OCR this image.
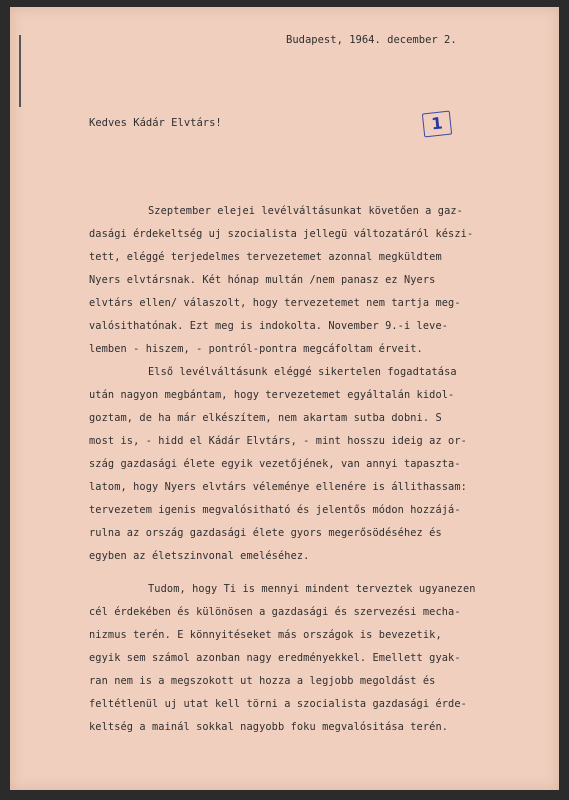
Budapest, 1964. december 2.
Kedves Kádár Elvtárs!	1
Szeptember elejei levélváltásunkat követően a gaz-
dasági érdekeltség uj szocialista jellegü változatáról készi-
tett, eléggé terjedelmes tervezetemet azonnal megküldtem
Nyers elvtársnak. Két hónap multán /nem panasz ez Nyers
elvtárs ellen/ válaszolt, hogy tervezetemet nem tartja meg-
valósithatónak. Ezt meg is indokolta. November 9.-i leve-
lemben - hiszem, - pontról-pontra megcáfoltam érveit.
Első levélváltásunk eléggé sikertelen fogadtatása
után nagyon megbántam, hogy tervezetemet egyáltalán kidol-
goztam, de ha már elkészítem, nem akartam sutba dobni. S
most is, - hidd el Kádár Elvtárs, - mint hosszu ideig az or-
szág gazdasági élete egyik vezetőjének, van annyi tapaszta-
latom, hogy Nyers elvtárs véleménye ellenére is állithassam:
tervezetem igenis megvalósitható és jelentős módon hozzájá-
rulna az ország gazdasági élete gyors megerősödéséhez és
egyben az életszinvonal emeléséhez.
Tudom, hogy Ti is mennyi mindent terveztek ugyanezen
cél érdekében és különösen a gazdasági és szervezési mecha-
nizmus terén. E könnyitéseket más országok is bevezetik,
egyik sem számol azonban nagy eredményekkel. Emellett gyak-
ran nem is a megszokott ut hozza a legjobb megoldást és
feltétlenül uj utat kell törni a szocialista gazdasági érde-
keltség a mainál sokkal nagyobb foku megvalósitása terén.
